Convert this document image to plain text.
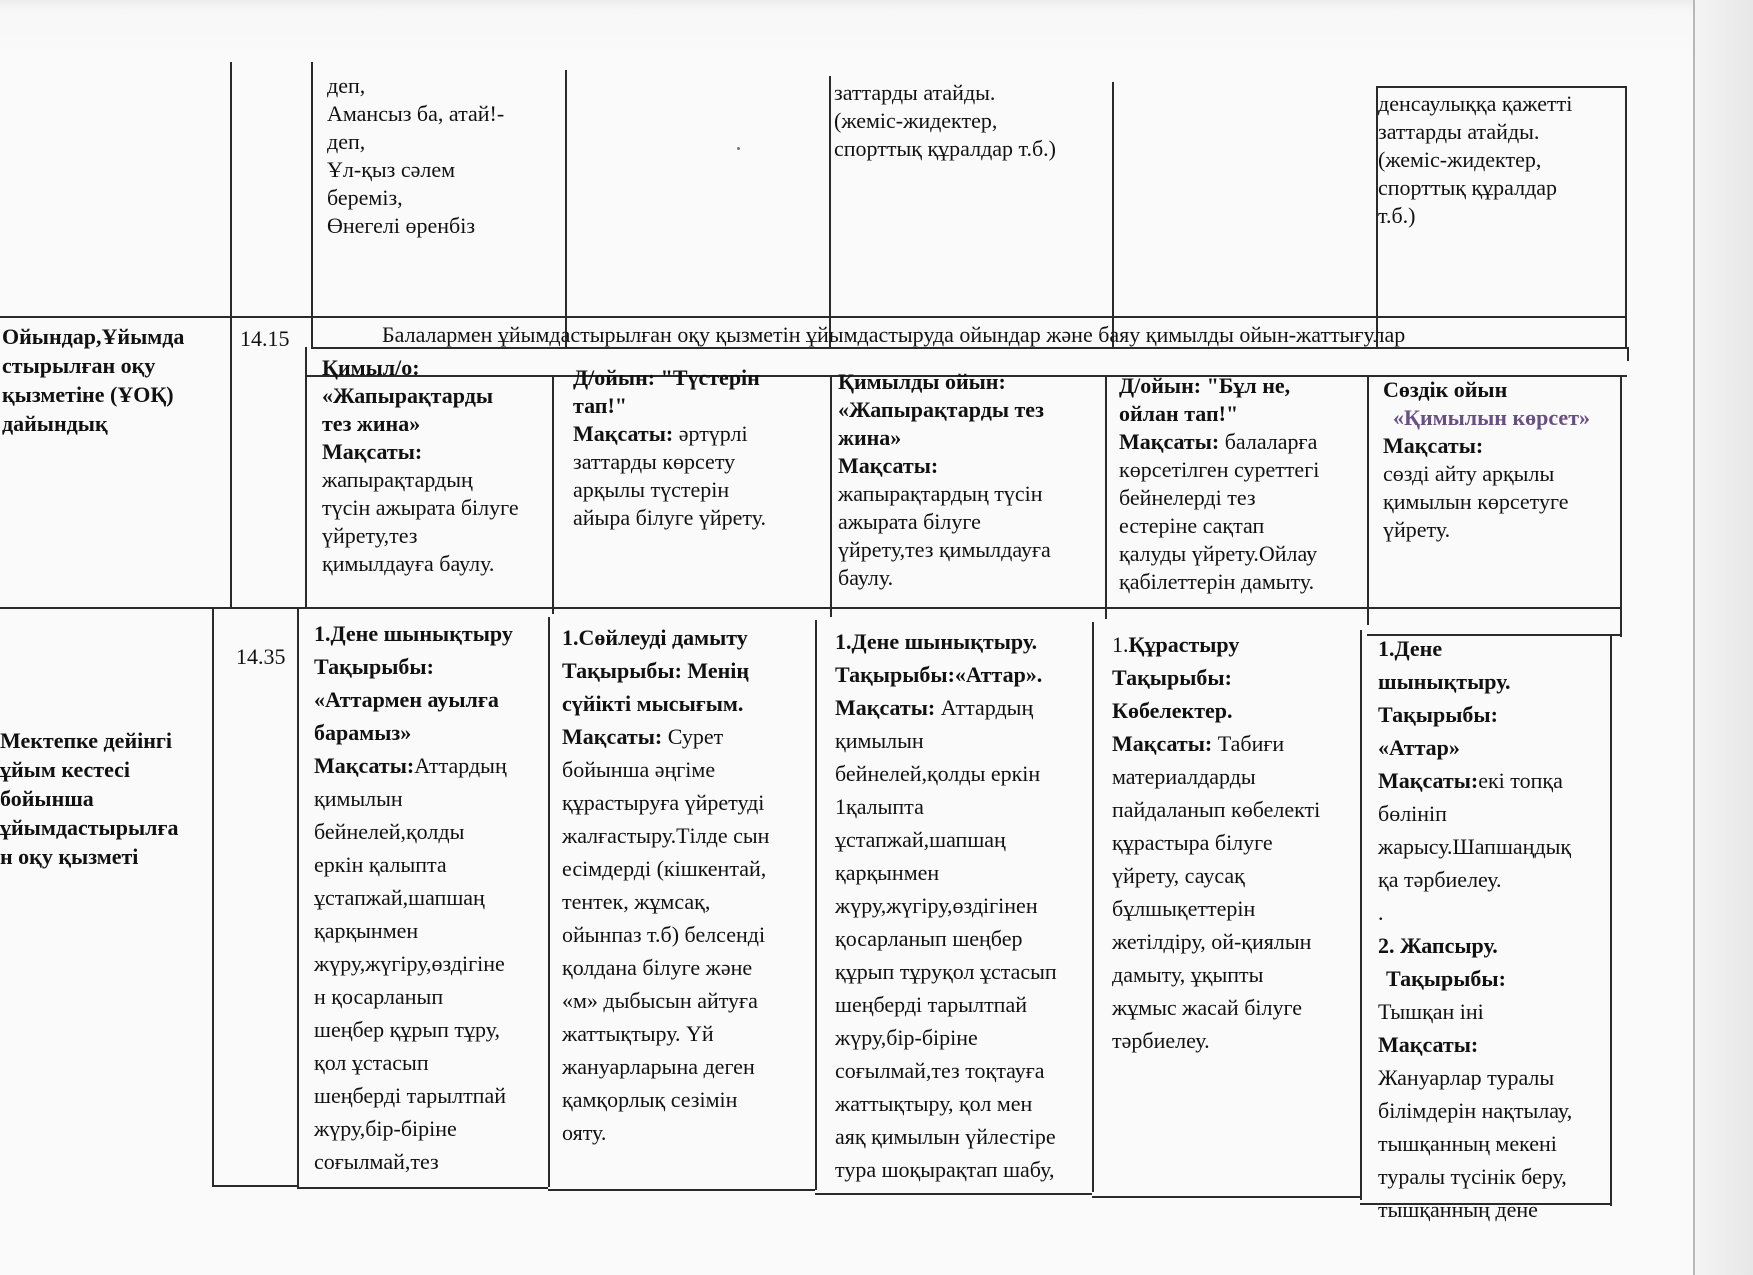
деп,
Амансыз ба, атай!-
деп,
Ұл-қыз сәлем
береміз,
Өнегелі өренбіз
заттарды атайды.
(жеміс-жидектер,
спорттық құралдар т.б.)
денсаулыққа қажетті
заттарды атайды.
(жеміс-жидектер,
спорттық құралдар
т.б.)
Ойындар,Ұйымда
стырылған оқу
қызметіне (ҰОҚ)
дайындық
14.15	Балалармен ұйымдастырылған оқу қызметін ұйымдастыруда ойындар және баяу қимылды ойын-жаттығулар
Қимыл/о:
«Жапырақтарды
тез жина»
Мақсаты:
жапырақтардың
түсін ажырата білуге
үйрету,тез
қимылдауға баулу.
Д/ойын: "Түстерін
тап!"
Мақсаты: әртүрлі
заттарды көрсету
арқылы түстерін
айыра білуге үйрету.
Қимылды ойын:
«Жапырақтарды тез
жина»
Мақсаты:
жапырақтардың түсін
ажырата білуге
үйрету,тез қимылдауға
баулу.
Д/ойын: "Бұл не,
ойлан тап!"
Мақсаты: балаларға
көрсетілген суреттегі
бейнелерді тез
естеріне сақтап
қалуды үйрету.Ойлау
қабілеттерін дамыту.
Сөздік ойын
«Қимылын көрсет»
Мақсаты:
сөзді айту арқылы
қимылын көрсетуге
үйрету.
Мектепке дейінгі
ұйым кестесі
бойынша
ұйымдастырылға
н оқу қызметі
14.35
1.Дене шынықтыру
Тақырыбы:
«Аттармен ауылға
барамыз»
Мақсаты:Аттардың
қимылын
бейнелей,қолды
еркін қалыпта
ұстапжай,шапшаң
қарқынмен
жүру,жүгіру,өздігіне
н қосарланып
шеңбер құрып тұру,
қол ұстасып
шеңберді тарылтпай
жүру,бір-біріне
соғылмай,тез
1.Сөйлеуді дамыту
Тақырыбы: Менің
сүйікті мысығым.
Мақсаты: Сурет
бойынша әңгіме
құрастыруға үйретуді
жалғастыру.Тілде сын
есімдерді (кішкентай,
тентек, жұмсақ,
ойынпаз т.б) белсенді
қолдана білуге және
«м» дыбысын айтуға
жаттықтыру. Үй
жануарларына деген
қамқорлық сезімін
ояту.
1.Дене шынықтыру.
Тақырыбы:«Аттар».
Мақсаты: Аттардың
қимылын
бейнелей,қолды еркін
1қалыпта
ұстапжай,шапшаң
қарқынмен
жүру,жүгіру,өздігінен
қосарланып шеңбер
құрып тұруқол ұстасып
шеңберді тарылтпай
жүру,бір-біріне
соғылмай,тез тоқтауға
жаттықтыру, қол мен
аяқ қимылын үйлестіре
тура шоқырақтап шабу,
1.Құрастыру
Тақырыбы:
Көбелектер.
Мақсаты: Табиғи
материалдарды
пайдаланып көбелекті
құрастыра білуге
үйрету, саусақ
бұлшықеттерін
жетілдіру, ой-қиялын
дамыту, ұқыпты
жұмыс жасай білуге
тәрбиелеу.
1.Дене
шынықтыру.
Тақырыбы:
«Аттар»
Мақсаты:екі топқа
бөлініп
жарысу.Шапшаңдық
қа тәрбиелеу.
.
2. Жапсыру.
Тақырыбы:
Тышқан іні
Мақсаты:
Жануарлар туралы
білімдерін нақтылау,
тышқанның мекені
туралы түсінік беру,
тышқанның дене
